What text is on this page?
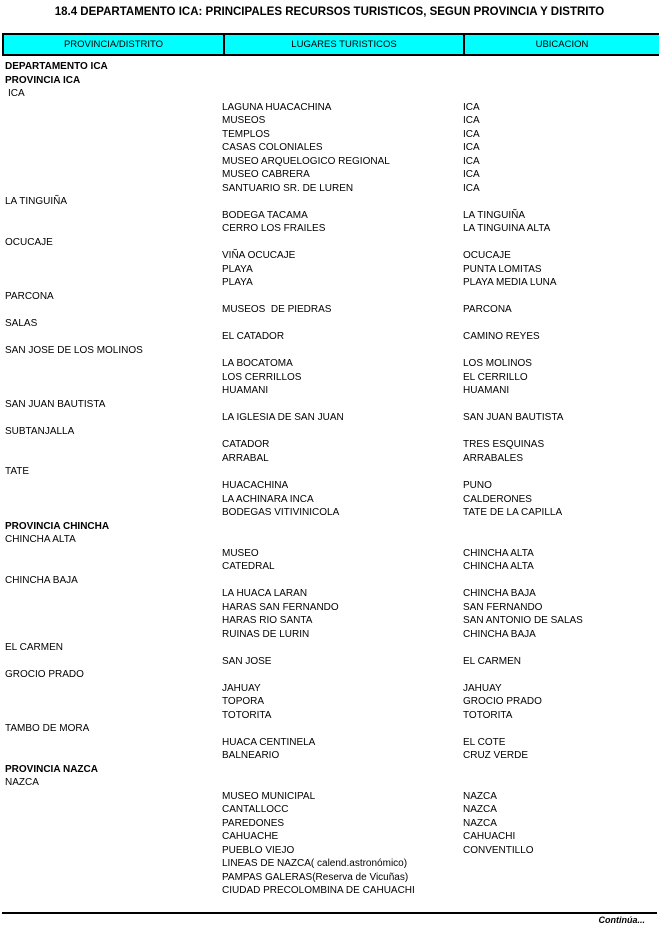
18.4 DEPARTAMENTO ICA: PRINCIPALES RECURSOS TURISTICOS, SEGUN PROVINCIA Y DISTRITO
PROVINCIA/DISTRITO	LUGARES TURISTICOS	UBICACION
DEPARTAMENTO ICA
PROVINCIA ICA
ICA
LAGUNA HUACACHINA	ICA
MUSEOS	ICA
TEMPLOS	ICA
CASAS COLONIALES	ICA
MUSEO ARQUELOGICO REGIONAL	ICA
MUSEO CABRERA	ICA
SANTUARIO SR. DE LUREN	ICA
LA TINGUIÑA
BODEGA TACAMA	LA TINGUIÑA
CERRO LOS FRAILES	LA TINGUINA ALTA
OCUCAJE
VIÑA OCUCAJE	OCUCAJE
PLAYA	PUNTA LOMITAS
PLAYA	PLAYA MEDIA LUNA
PARCONA
MUSEOS  DE PIEDRAS	PARCONA
SALAS
EL CATADOR	CAMINO REYES
SAN JOSE DE LOS MOLINOS
LA BOCATOMA	LOS MOLINOS
LOS CERRILLOS	EL CERRILLO
HUAMANI	HUAMANI
SAN JUAN BAUTISTA
LA IGLESIA DE SAN JUAN	SAN JUAN BAUTISTA
SUBTANJALLA
CATADOR	TRES ESQUINAS
ARRABAL	ARRABALES
TATE
HUACACHINA	PUNO
LA ACHINARA INCA	CALDERONES
BODEGAS VITIVINICOLA	TATE DE LA CAPILLA
PROVINCIA CHINCHA
CHINCHA ALTA
MUSEO	CHINCHA ALTA
CATEDRAL	CHINCHA ALTA
CHINCHA BAJA
LA HUACA LARAN	CHINCHA BAJA
HARAS SAN FERNANDO	SAN FERNANDO
HARAS RIO SANTA	SAN ANTONIO DE SALAS
RUINAS DE LURIN	CHINCHA BAJA
EL CARMEN
SAN JOSE	EL CARMEN
GROCIO PRADO
JAHUAY	JAHUAY
TOPORA	GROCIO PRADO
TOTORITA	TOTORITA
TAMBO DE MORA
HUACA CENTINELA	EL COTE
BALNEARIO	CRUZ VERDE
PROVINCIA NAZCA
NAZCA
MUSEO MUNICIPAL	NAZCA
CANTALLOCC	NAZCA
PAREDONES	NAZCA
CAHUACHE	CAHUACHI
PUEBLO VIEJO	CONVENTILLO
LINEAS DE NAZCA( calend.astronómico)
PAMPAS GALERAS(Reserva de Vicuñas)
CIUDAD PRECOLOMBINA DE CAHUACHI
Continúa...
